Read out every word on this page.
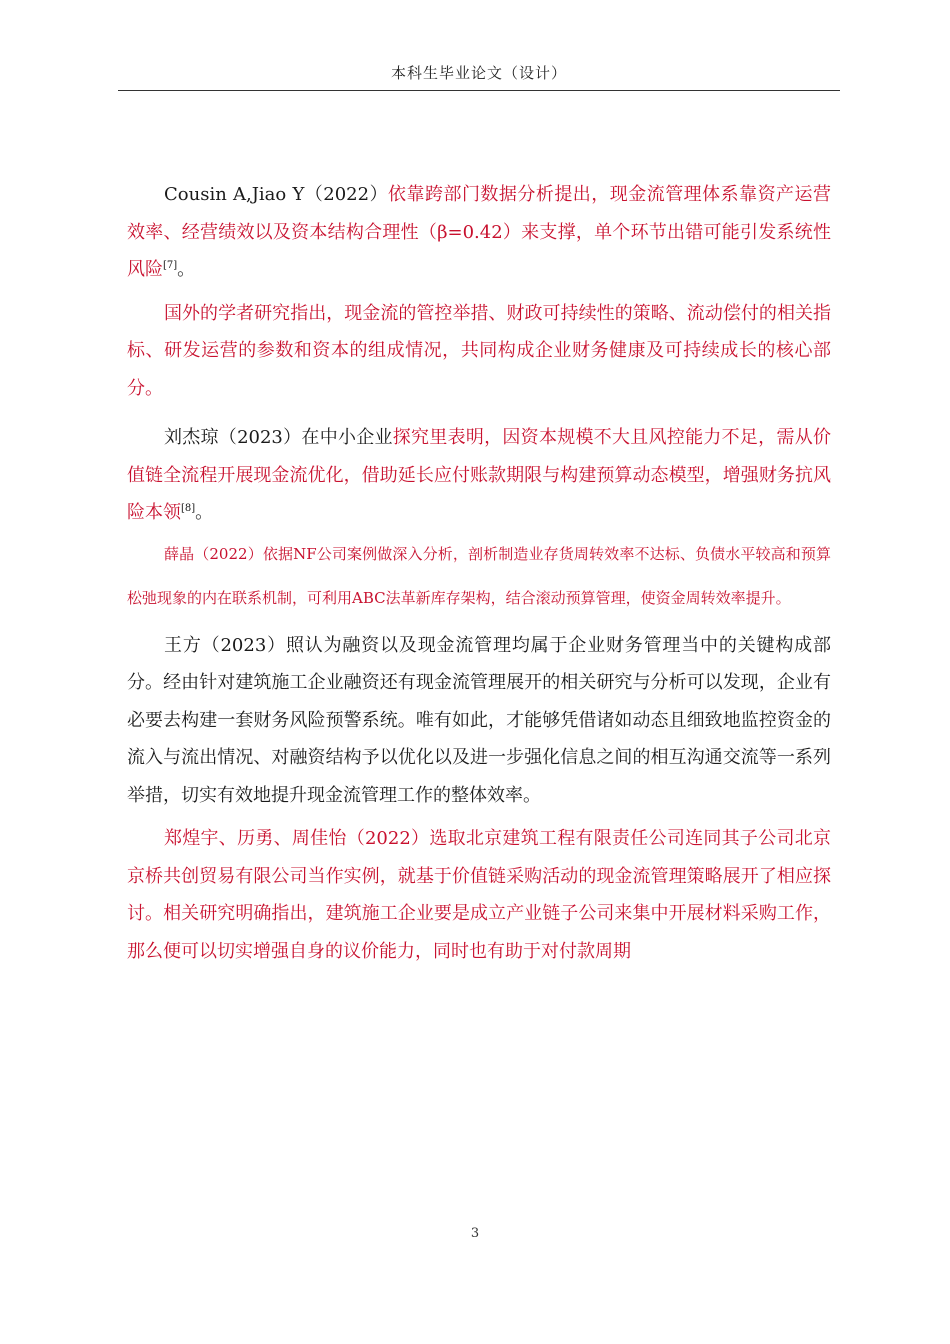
本科生毕业论文（设计）

Cousin A,Jiao Y（2022）依靠跨部门数据分析提出，现金流管理体系靠资产运营效率、经营绩效以及资本结构合理性（β=0.42）来支撑，单个环节出错可能引发系统性风险[7]。

国外的学者研究指出，现金流的管控举措、财政可持续性的策略、流动偿付的相关指标、研发运营的参数和资本的组成情况，共同构成企业财务健康及可持续成长的核心部分。

刘杰琼（2023）在中小企业探究里表明，因资本规模不大且风控能力不足，需从价值链全流程开展现金流优化，借助延长应付账款期限与构建预算动态模型，增强财务抗风险本领[8]。

薛晶（2022）依据NF公司案例做深入分析，剖析制造业存货周转效率不达标、负债水平较高和预算松弛现象的内在联系机制，可利用ABC法革新库存架构，结合滚动预算管理，使资金周转效率提升。

王方（2023）照认为融资以及现金流管理均属于企业财务管理当中的关键构成部分。经由针对建筑施工企业融资还有现金流管理展开的相关研究与分析可以发现，企业有必要去构建一套财务风险预警系统。唯有如此，才能够凭借诸如动态且细致地监控资金的流入与流出情况、对融资结构予以优化以及进一步强化信息之间的相互沟通交流等一系列举措，切实有效地提升现金流管理工作的整体效率。

郑煌宇、历勇、周佳怡（2022）选取北京建筑工程有限责任公司连同其子公司北京京桥共创贸易有限公司当作实例，就基于价值链采购活动的现金流管理策略展开了相应探讨。相关研究明确指出，建筑施工企业要是成立产业链子公司来集中开展材料采购工作，那么便可以切实增强自身的议价能力，同时也有助于对付款周期

3
